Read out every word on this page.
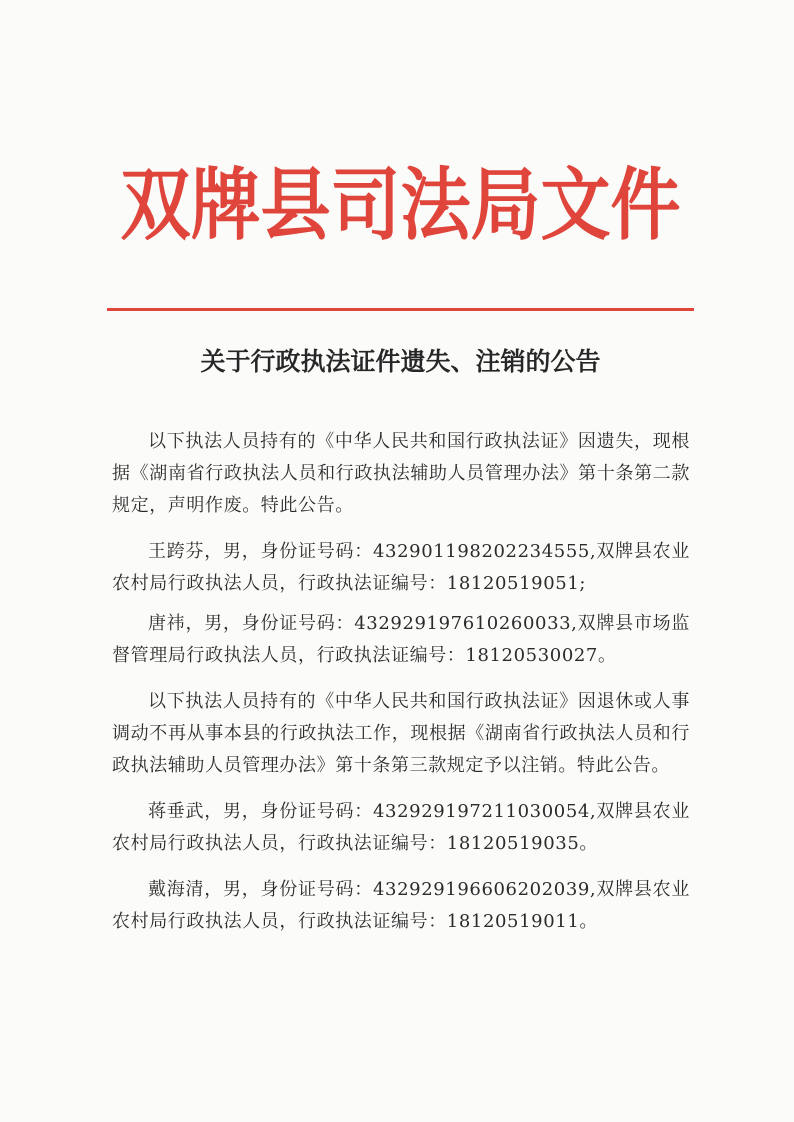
双牌县司法局文件
关于行政执法证件遗失、注销的公告

以下执法人员持有的《中华人民共和国行政执法证》因遗失，现根据《湖南省行政执法人员和行政执法辅助人员管理办法》第十条第二款规定，声明作废。特此公告。

王跨芬，男，身份证号码：432901198202234555,双牌县农业农村局行政执法人员，行政执法证编号：18120519051;

唐祎，男，身份证号码：432929197610260033,双牌县市场监督管理局行政执法人员，行政执法证编号：18120530027。

以下执法人员持有的《中华人民共和国行政执法证》因退休或人事调动不再从事本县的行政执法工作，现根据《湖南省行政执法人员和行政执法辅助人员管理办法》第十条第三款规定予以注销。特此公告。

蒋垂武，男，身份证号码：432929197211030054,双牌县农业农村局行政执法人员，行政执法证编号：18120519035。

戴海清，男，身份证号码：432929196606202039,双牌县农业农村局行政执法人员，行政执法证编号：18120519011。
